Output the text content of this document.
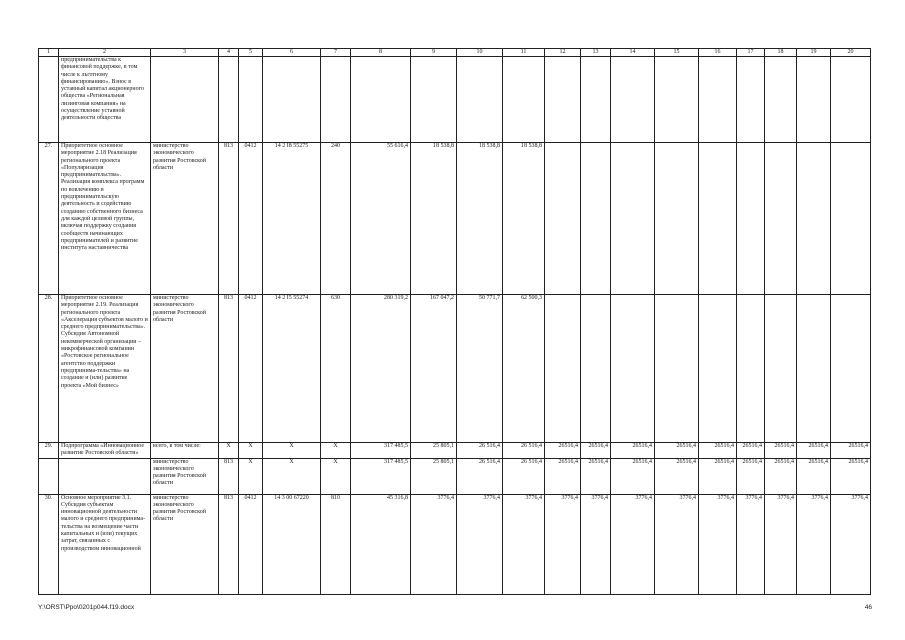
1	2	3	4	5	6	7	8	9	10	11	12	13	14	15	16	17	18	19	20
	предпринимательства к финансовой поддержке, в том числе к льготному финансированию». Взнос в уставный капитал акционерного общества «Региональная лизинговая компания» на осуществление уставной деятельности общества																		
27.	Приоритетное основное мероприятие 2.18 Реализация регионального проекта «Популяризация предпринимательства». Реализация комплекса программ по вовлечению в предпринимательскую деятельность и содействию созданию собственного бизнеса для каждой целевой группы, включая поддержку создания сообществ начинающих предпринимателей и развитие института наставничества	министерство экономического развития Ростовской области	813	0412	14 2 I8 55275	240	55 616,4	18 538,8	18 538,8	18 538,8									
28.	Приоритетное основное мероприятие 2.19. Реализация регионального проекта «Акселерация субъектов малого и среднего предпринимательства». Субсидия Автономной некоммерческой организации – микрофинансовой компании «Ростовское региональное агентство поддержки предпринима-тельства» на создание и (или) развитие проекта «Мой бизнес»	министерство экономического развития Ростовской области	813	0412	14 2 I5 55274	630	280 319,2	167 047,2	50 771,7	62 500,3									
29.	Подпрограмма «Инновационное развитие Ростовской области»	всего, в том числе:	X	X	X	X	317 485,5	25 805,1	26 516,4	26 516,4	26516,4	26516,4	26516,4	26516,4	26516,4	26516,4	26516,4	26516,4	26516,4
		министерство экономического развития Ростовской области	813	X	X	X	317 485,5	25 805,1	26 516,4	26 516,4	26516,4	26516,4	26516,4	26516,4	26516,4	26516,4	26516,4	26516,4	26516,4
30.	Основное мероприятие 3.1. Субсидия субъектам инновационной деятельности малого и среднего предпринима-тельства на возмещение части капитальных и (или) текущих затрат, связанных с производством инновационной	министерство экономического развития Ростовской области	813	0412	14 3 00 67220	810	45 316,8	3776,4	3776,4	3776,4	3776,4	3776,4	3776,4	3776,4	3776,4	3776,4	3776,4	3776,4	3776,4
Y:\ORST\Ppo\0201p044.f19.docx	46
